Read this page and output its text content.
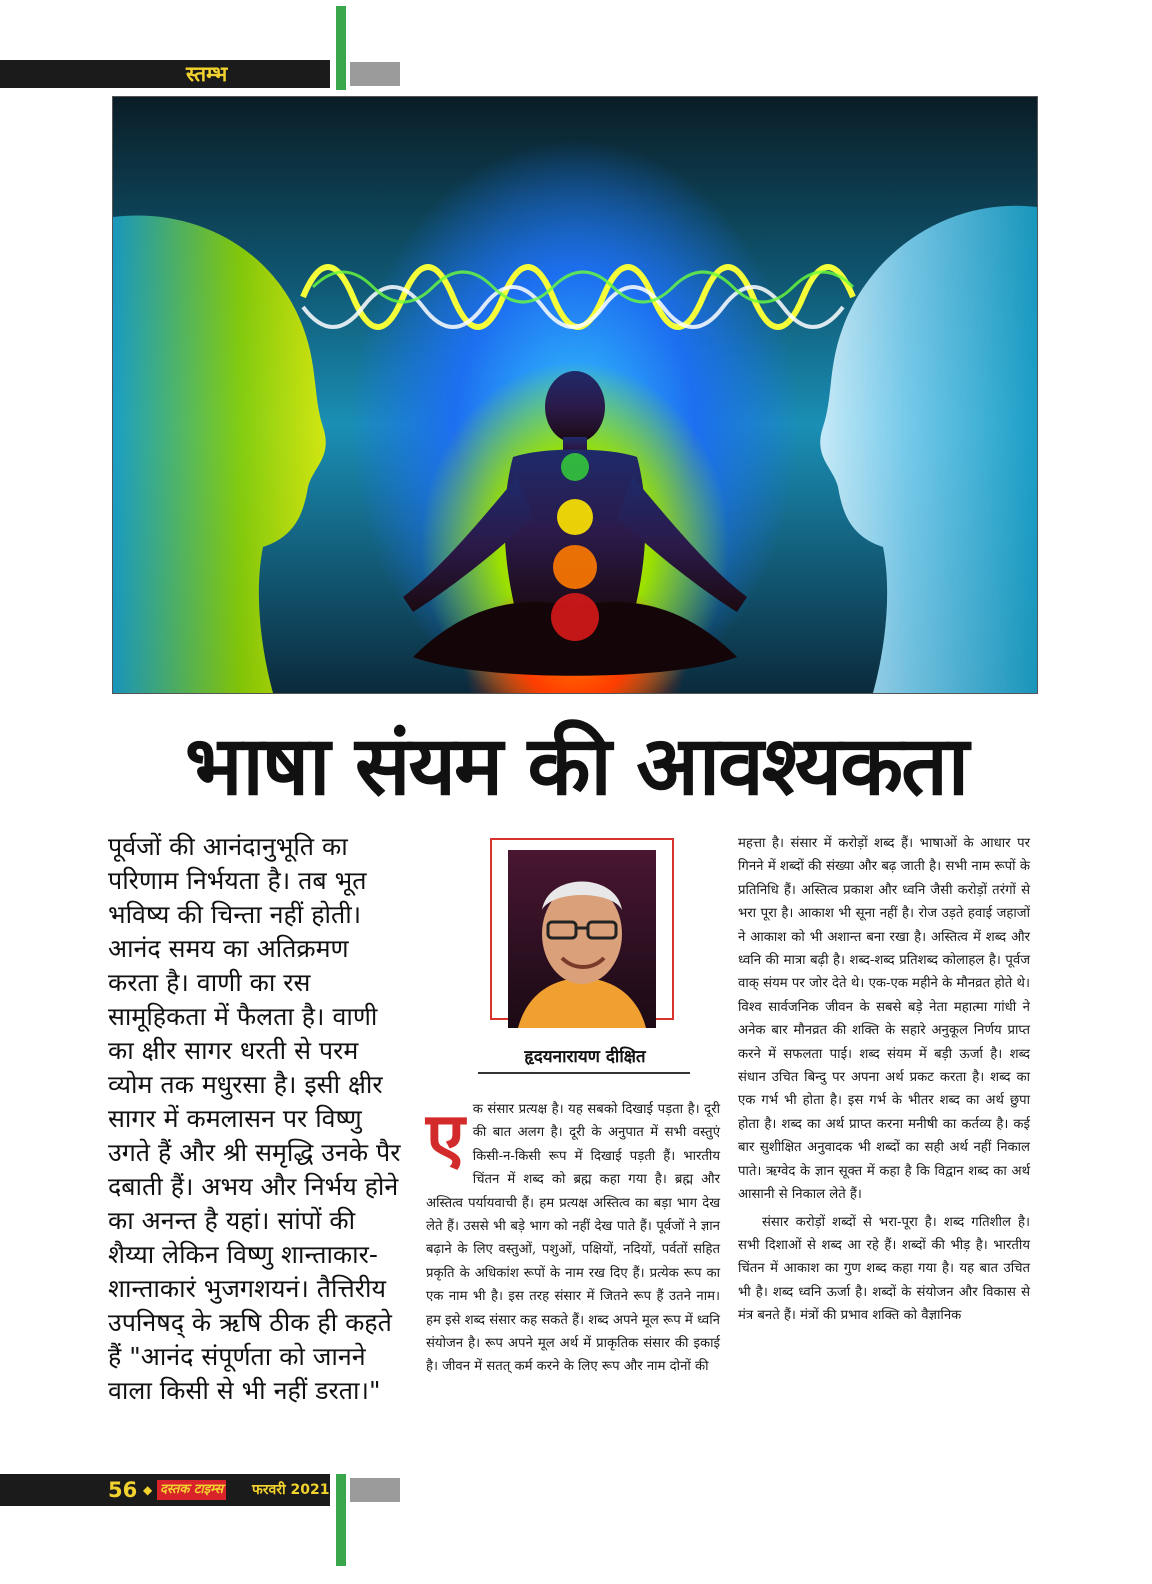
स्तम्भ
भाषा संयम की आवश्यकता
पूर्वजों की आनंदानुभूति का परिणाम निर्भयता है। तब भूत भविष्य की चिन्ता नहीं होती। आनंद समय का अतिक्रमण करता है। वाणी का रस सामूहिकता में फैलता है। वाणी का क्षीर सागर धरती से परम व्योम तक मधुरसा है। इसी क्षीर सागर में कमलासन पर विष्णु उगते हैं और श्री समृद्धि उनके पैर दबाती हैं। अभय और निर्भय होने का अनन्त है यहां। सांपों की शैय्या लेकिन विष्णु शान्ताकार-शान्ताकारं भुजगशयनं। तैत्तिरीय उपनिषद् के ऋषि ठीक ही कहते हैं "आनंद संपूर्णता को जानने वाला किसी से भी नहीं डरता।"
हृदयनारायण दीक्षित

एक संसार प्रत्यक्ष है। यह सबको दिखाई पड़ता है। दूरी की बात अलग है। दूरी के अनुपात में सभी वस्तुएं किसी-न-किसी रूप में दिखाई पड़ती हैं। भारतीय चिंतन में शब्द को ब्रह्म कहा गया है। ब्रह्म और अस्तित्व पर्यायवाची हैं। हम प्रत्यक्ष अस्तित्व का बड़ा भाग देख लेते हैं। उससे भी बड़े भाग को नहीं देख पाते हैं। पूर्वजों ने ज्ञान बढ़ाने के लिए वस्तुओं, पशुओं, पक्षियों, नदियों, पर्वतों सहित प्रकृति के अधिकांश रूपों के नाम रख दिए हैं। प्रत्येक रूप का एक नाम भी है। इस तरह संसार में जितने रूप हैं उतने नाम। हम इसे शब्द संसार कह सकते हैं। शब्द अपने मूल रूप में ध्वनि संयोजन है। रूप अपने मूल अर्थ में प्राकृतिक संसार की इकाई है। जीवन में सतत् कर्म करने के लिए रूप और नाम दोनों की

महत्ता है। संसार में करोड़ों शब्द हैं। भाषाओं के आधार पर गिनने में शब्दों की संख्या और बढ़ जाती है। सभी नाम रूपों के प्रतिनिधि हैं। अस्तित्व प्रकाश और ध्वनि जैसी करोड़ों तरंगों से भरा पूरा है। आकाश भी सूना नहीं है। रोज उड़ते हवाई जहाजों ने आकाश को भी अशान्त बना रखा है। अस्तित्व में शब्द और ध्वनि की मात्रा बढ़ी है। शब्द-शब्द प्रतिशब्द कोलाहल है। पूर्वज वाक् संयम पर जोर देते थे। एक-एक महीने के मौनव्रत होते थे। विश्व सार्वजनिक जीवन के सबसे बड़े नेता महात्मा गांधी ने अनेक बार मौनव्रत की शक्ति के सहारे अनुकूल निर्णय प्राप्त करने में सफलता पाई। शब्द संयम में बड़ी ऊर्जा है। शब्द संधान उचित बिन्दु पर अपना अर्थ प्रकट करता है। शब्द का एक गर्भ भी होता है। इस गर्भ के भीतर शब्द का अर्थ छुपा होता है। शब्द का अर्थ प्राप्त करना मनीषी का कर्तव्य है। कई बार सुशीक्षित अनुवादक भी शब्दों का सही अर्थ नहीं निकाल पाते। ऋग्वेद के ज्ञान सूक्त में कहा है कि विद्वान शब्द का अर्थ आसानी से निकाल लेते हैं।

संसार करोड़ों शब्दों से भरा-पूरा है। शब्द गतिशील है। सभी दिशाओं से शब्द आ रहे हैं। शब्दों की भीड़ है। भारतीय चिंतन में आकाश का गुण शब्द कहा गया है। यह बात उचित भी है। शब्द ध्वनि ऊर्जा है। शब्दों के संयोजन और विकास से मंत्र बनते हैं। मंत्रों की प्रभाव शक्ति को वैज्ञानिक

56 ◆ दस्तक टाइम्स फरवरी 2021
